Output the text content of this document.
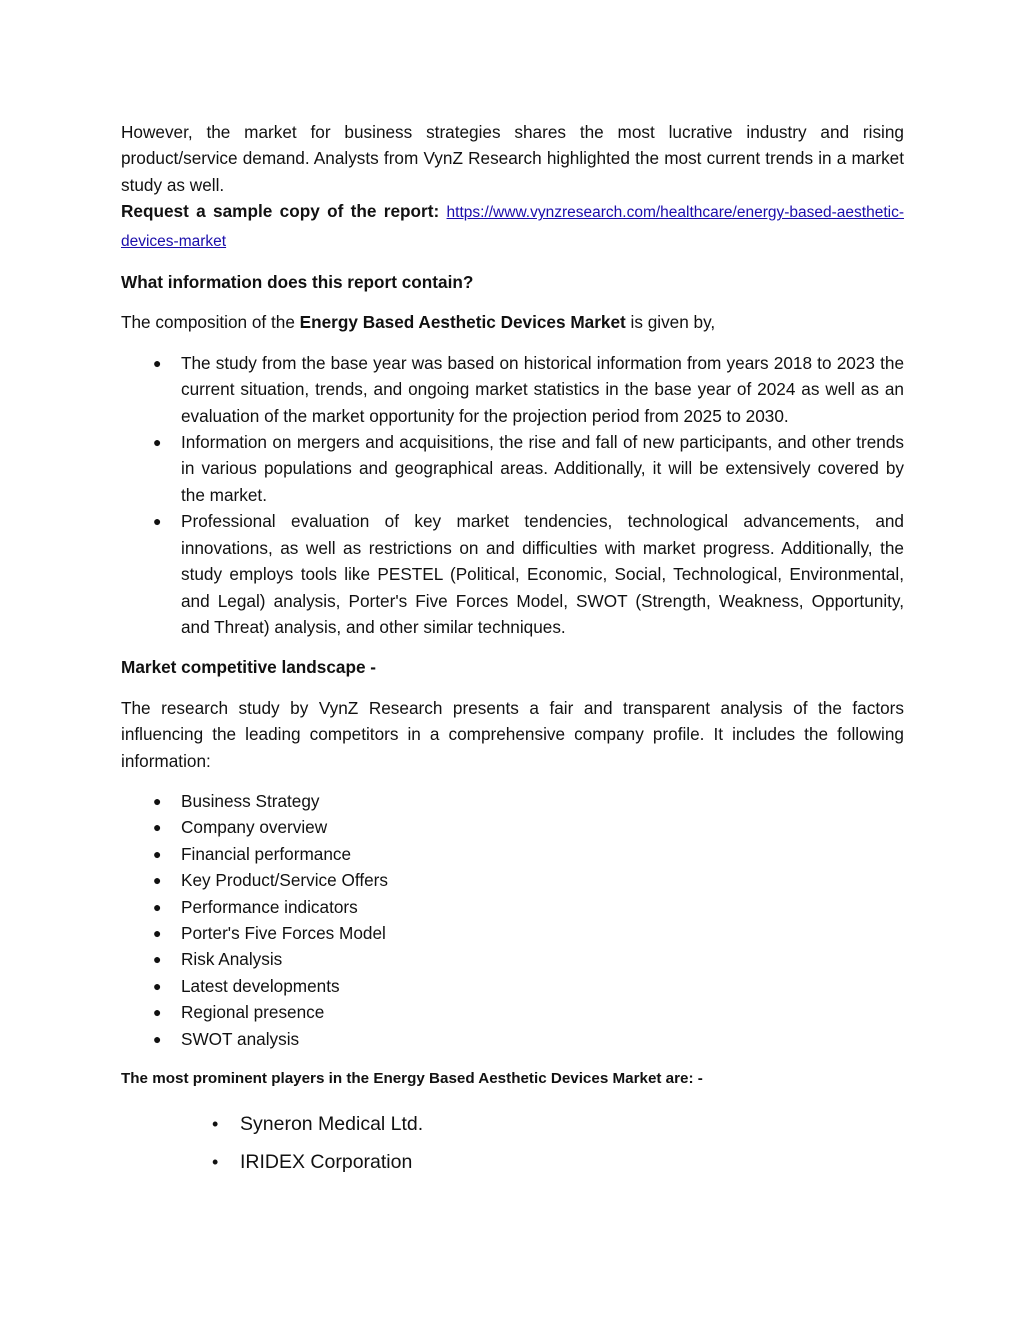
However, the market for business strategies shares the most lucrative industry and rising product/service demand. Analysts from VynZ Research highlighted the most current trends in a market study as well.

Request a sample copy of the report: https://www.vynzresearch.com/healthcare/energy-based-aesthetic-devices-market

What information does this report contain?

The composition of the Energy Based Aesthetic Devices Market is given by,

● The study from the base year was based on historical information from years 2018 to 2023 the current situation, trends, and ongoing market statistics in the base year of 2024 as well as an evaluation of the market opportunity for the projection period from 2025 to 2030.
● Information on mergers and acquisitions, the rise and fall of new participants, and other trends in various populations and geographical areas. Additionally, it will be extensively covered by the market.
● Professional evaluation of key market tendencies, technological advancements, and innovations, as well as restrictions on and difficulties with market progress. Additionally, the study employs tools like PESTEL (Political, Economic, Social, Technological, Environmental, and Legal) analysis, Porter's Five Forces Model, SWOT (Strength, Weakness, Opportunity, and Threat) analysis, and other similar techniques.

Market competitive landscape -

The research study by VynZ Research presents a fair and transparent analysis of the factors influencing the leading competitors in a comprehensive company profile. It includes the following information:

● Business Strategy
● Company overview
● Financial performance
● Key Product/Service Offers
● Performance indicators
● Porter's Five Forces Model
● Risk Analysis
● Latest developments
● Regional presence
● SWOT analysis
The most prominent players in the Energy Based Aesthetic Devices Market are: -
• Syneron Medical Ltd.
• IRIDEX Corporation
